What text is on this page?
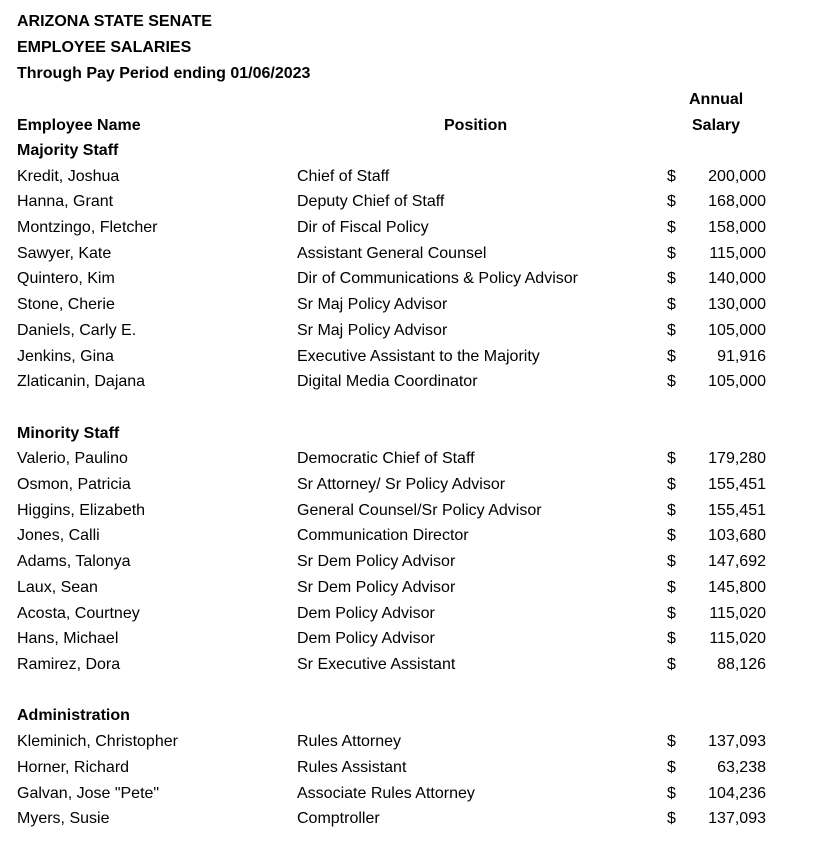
ARIZONA STATE SENATE
EMPLOYEE SALARIES
Through Pay Period ending 01/06/2023
Annual
Employee Name	Position	Salary
Majority Staff
Kredit, Joshua	Chief of Staff	$ 200,000
Hanna, Grant	Deputy Chief of Staff	$ 168,000
Montzingo, Fletcher	Dir of Fiscal Policy	$ 158,000
Sawyer, Kate	Assistant General Counsel	$ 115,000
Quintero, Kim	Dir of Communications & Policy Advisor	$ 140,000
Stone, Cherie	Sr Maj Policy Advisor	$ 130,000
Daniels, Carly E.	Sr Maj Policy Advisor	$ 105,000
Jenkins, Gina	Executive Assistant to the Majority	$	91,916
Zlaticanin, Dajana	Digital Media Coordinator	$ 105,000
Minority Staff
Valerio, Paulino	Democratic Chief of Staff	$ 179,280
Osmon, Patricia	Sr Attorney/ Sr Policy Advisor	$ 155,451
Higgins, Elizabeth	General Counsel/Sr Policy Advisor	$ 155,451
Jones, Calli	Communication Director	$ 103,680
Adams, Talonya	Sr Dem Policy Advisor	$ 147,692
Laux, Sean	Sr Dem Policy Advisor	$ 145,800
Acosta, Courtney	Dem Policy Advisor	$ 115,020
Hans, Michael	Dem Policy Advisor	$ 115,020
Ramirez, Dora	Sr Executive Assistant	$	88,126
Administration
Kleminich, Christopher	Rules Attorney	$ 137,093
Horner, Richard	Rules Assistant	$	63,238
Galvan, Jose "Pete"	Associate Rules Attorney	$ 104,236
Myers, Susie	Comptroller	$ 137,093
